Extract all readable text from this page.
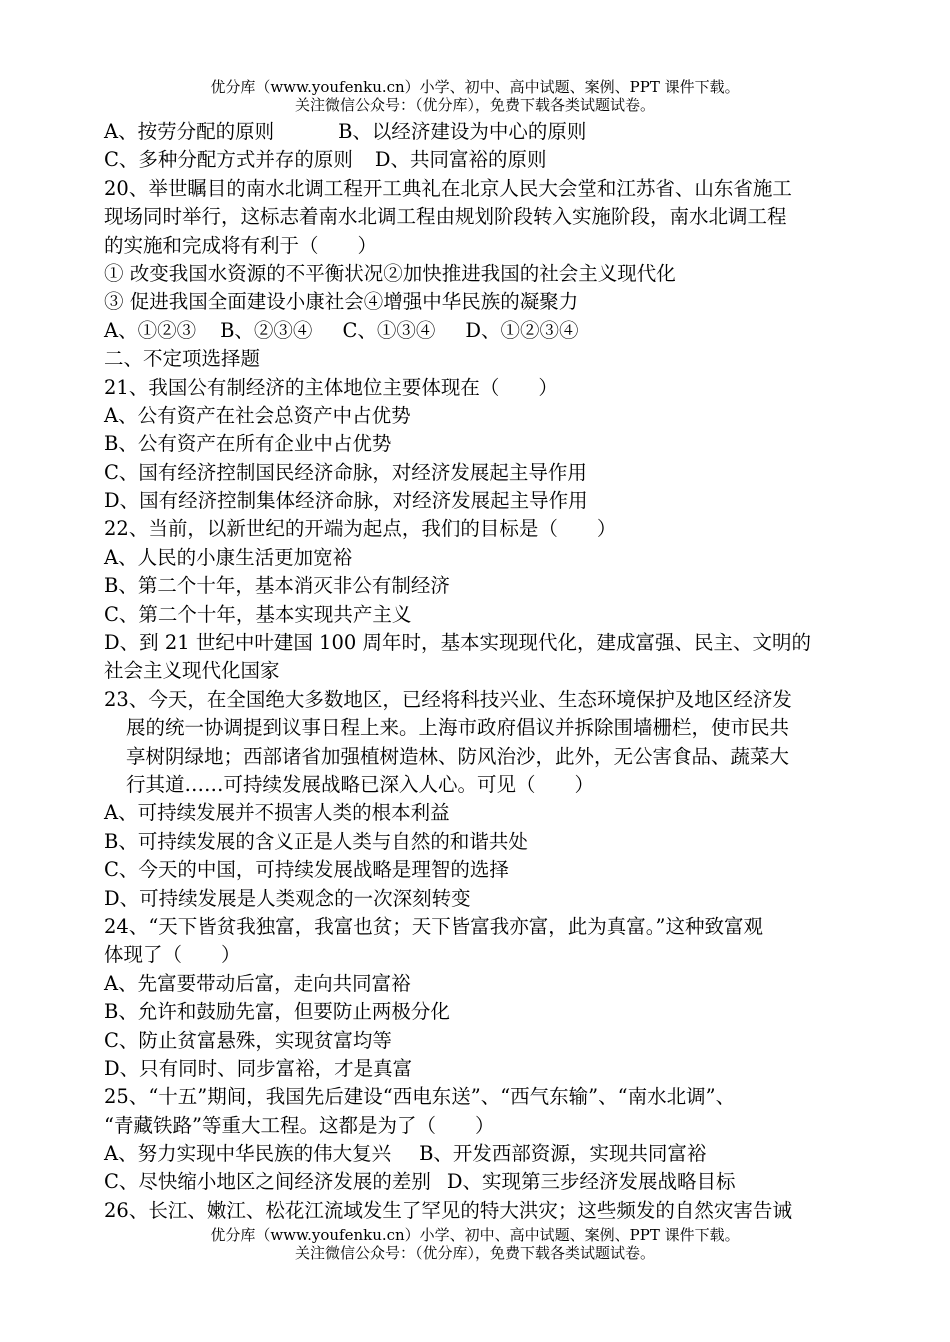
优分库（www.youfenku.cn）小学、初中、高中试题、案例、PPT 课件下载。
关注微信公众号：（优分库），免费下载各类试题试卷。
A、按劳分配的原则	B、以经济建设为中心的原则
C、多种分配方式并存的原则 D、共同富裕的原则
20、举世瞩目的南水北调工程开工典礼在北京人民大会堂和江苏省、山东省施工
现场同时举行，这标志着南水北调工程由规划阶段转入实施阶段，南水北调工程
的实施和完成将有利于（　　）
① 改变我国水资源的不平衡状况②加快推进我国的社会主义现代化
③ 促进我国全面建设小康社会④增强中华民族的凝聚力
A、①②③ B、②③④ C、①③④ D、①②③④
二、不定项选择题
21、我国公有制经济的主体地位主要体现在（　　）
A、公有资产在社会总资产中占优势
B、公有资产在所有企业中占优势
C、国有经济控制国民经济命脉，对经济发展起主导作用
D、国有经济控制集体经济命脉，对经济发展起主导作用
22、当前，以新世纪的开端为起点，我们的目标是（　　）
A、人民的小康生活更加宽裕
B、第二个十年，基本消灭非公有制经济
C、第二个十年，基本实现共产主义
D、到 21 世纪中叶建国 100 周年时，基本实现现代化，建成富强、民主、文明的
社会主义现代化国家
23、今天，在全国绝大多数地区，已经将科技兴业、生态环境保护及地区经济发
展的统一协调提到议事日程上来。上海市政府倡议并拆除围墙栅栏，使市民共
享树阴绿地；西部诸省加强植树造林、防风治沙，此外，无公害食品、蔬菜大
行其道……可持续发展战略已深入人心。可见（　　）
A、可持续发展并不损害人类的根本利益
B、可持续发展的含义正是人类与自然的和谐共处
C、今天的中国，可持续发展战略是理智的选择
D、可持续发展是人类观念的一次深刻转变
24、“天下皆贫我独富，我富也贫；天下皆富我亦富，此为真富。”这种致富观
体现了（　　）
A、先富要带动后富，走向共同富裕
B、允许和鼓励先富，但要防止两极分化
C、防止贫富悬殊，实现贫富均等
D、只有同时、同步富裕，才是真富
25、“十五”期间，我国先后建设“西电东送”、“西气东输”、“南水北调”、
“青藏铁路”等重大工程。这都是为了（　　）
A、努力实现中华民族的伟大复兴 B、开发西部资源，实现共同富裕
C、尽快缩小地区之间经济发展的差别 D、实现第三步经济发展战略目标
26、长江、嫩江、松花江流域发生了罕见的特大洪灾；这些频发的自然灾害告诫
优分库（www.youfenku.cn）小学、初中、高中试题、案例、PPT 课件下载。
关注微信公众号：（优分库），免费下载各类试题试卷。
